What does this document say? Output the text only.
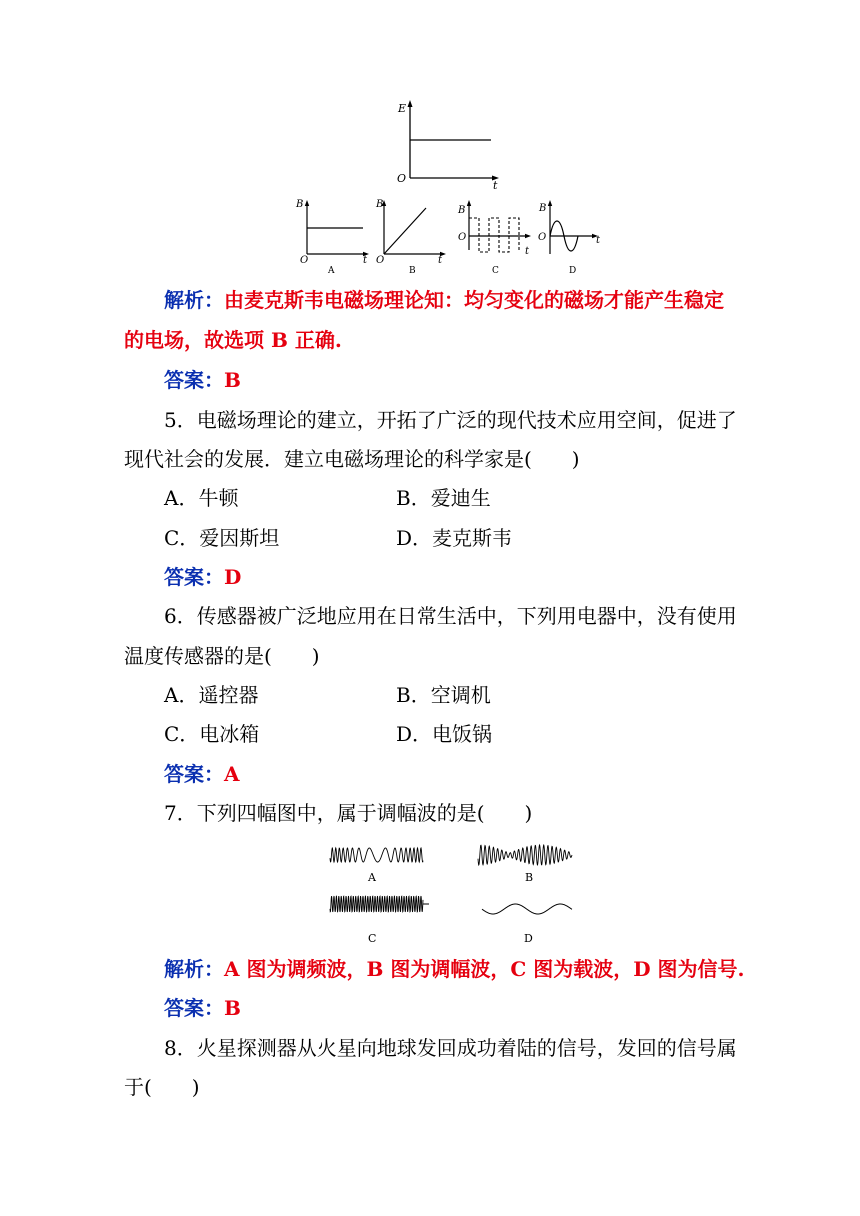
E
O
t
B
O	t
A
B
O	t
B
B
O
t
C
B
O	t
D
解析：由麦克斯韦电磁场理论知：均匀变化的磁场才能产生稳定
的电场，故选项 B 正确.
答案：B
5．电磁场理论的建立，开拓了广泛的现代技术应用空间，促进了
现代社会的发展．建立电磁场理论的科学家是(　　)
A．牛顿	B．爱迪生
C．爱因斯坦	D．麦克斯韦
答案：D
6．传感器被广泛地应用在日常生活中，下列用电器中，没有使用
温度传感器的是(　　)
A．遥控器	B．空调机
C．电冰箱	D．电饭锅
答案：A
7．下列四幅图中，属于调幅波的是(　　)
A	B
C	D
解析：A 图为调频波，B 图为调幅波，C 图为载波，D 图为信号.
答案：B
8．火星探测器从火星向地球发回成功着陆的信号，发回的信号属
于(　　)
